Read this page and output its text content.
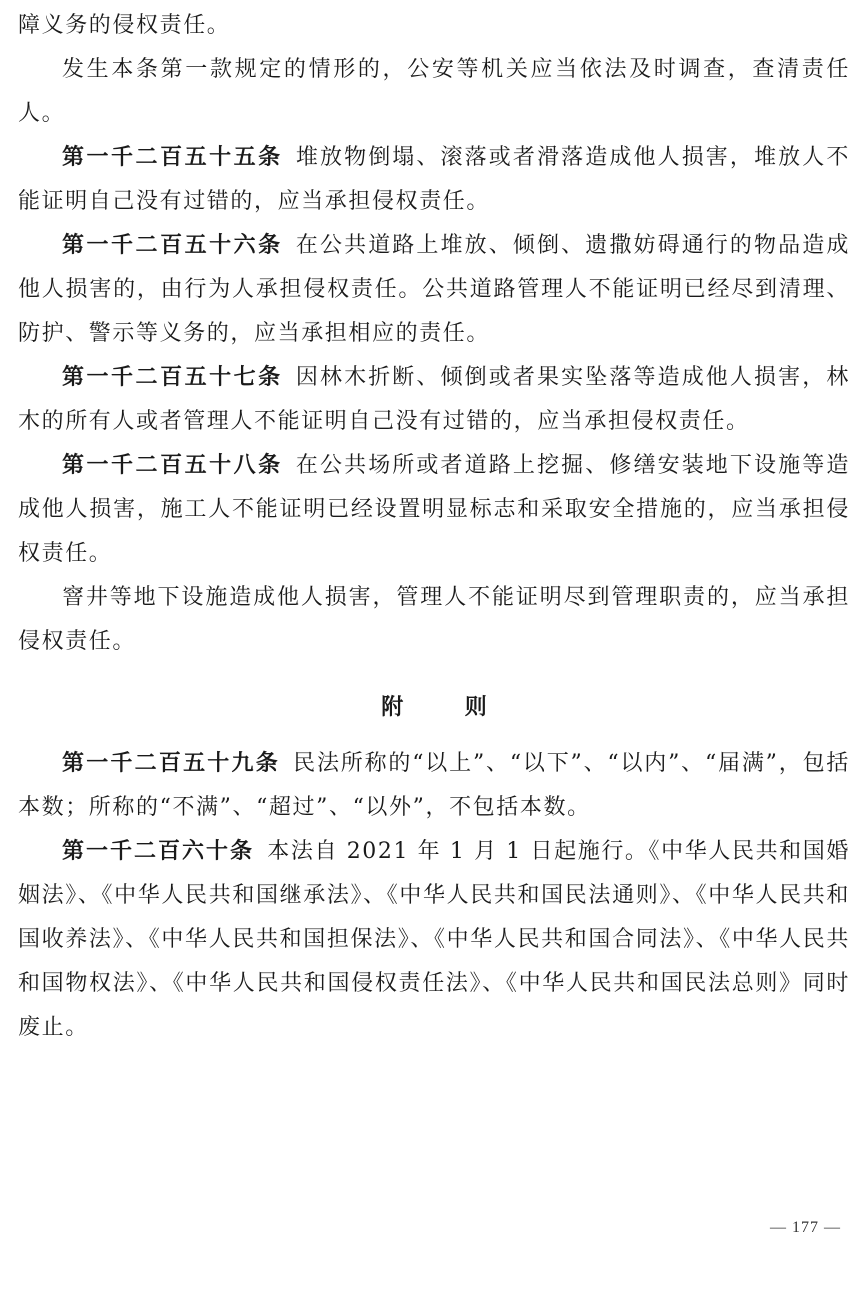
障义务的侵权责任。

发生本条第一款规定的情形的，公安等机关应当依法及时调查，查清责任人。

第一千二百五十五条 堆放物倒塌、滚落或者滑落造成他人损害，堆放人不能证明自己没有过错的，应当承担侵权责任。

第一千二百五十六条 在公共道路上堆放、倾倒、遗撒妨碍通行的物品造成他人损害的，由行为人承担侵权责任。公共道路管理人不能证明已经尽到清理、防护、警示等义务的，应当承担相应的责任。

第一千二百五十七条 因林木折断、倾倒或者果实坠落等造成他人损害，林木的所有人或者管理人不能证明自己没有过错的，应当承担侵权责任。

第一千二百五十八条 在公共场所或者道路上挖掘、修缮安装地下设施等造成他人损害，施工人不能证明已经设置明显标志和采取安全措施的，应当承担侵权责任。

窨井等地下设施造成他人损害，管理人不能证明尽到管理职责的，应当承担侵权责任。

附则

第一千二百五十九条 民法所称的“以上”、“以下”、“以内”、“届满”，包括本数；所称的“不满”、“超过”、“以外”，不包括本数。

第一千二百六十条 本法自 2021 年 1 月 1 日起施行。《中华人民共和国婚姻法》、《中华人民共和国继承法》、《中华人民共和国民法通则》、《中华人民共和国收养法》、《中华人民共和国担保法》、《中华人民共和国合同法》、《中华人民共和国物权法》、《中华人民共和国侵权责任法》、《中华人民共和国民法总则》同时废止。

— 177 —
